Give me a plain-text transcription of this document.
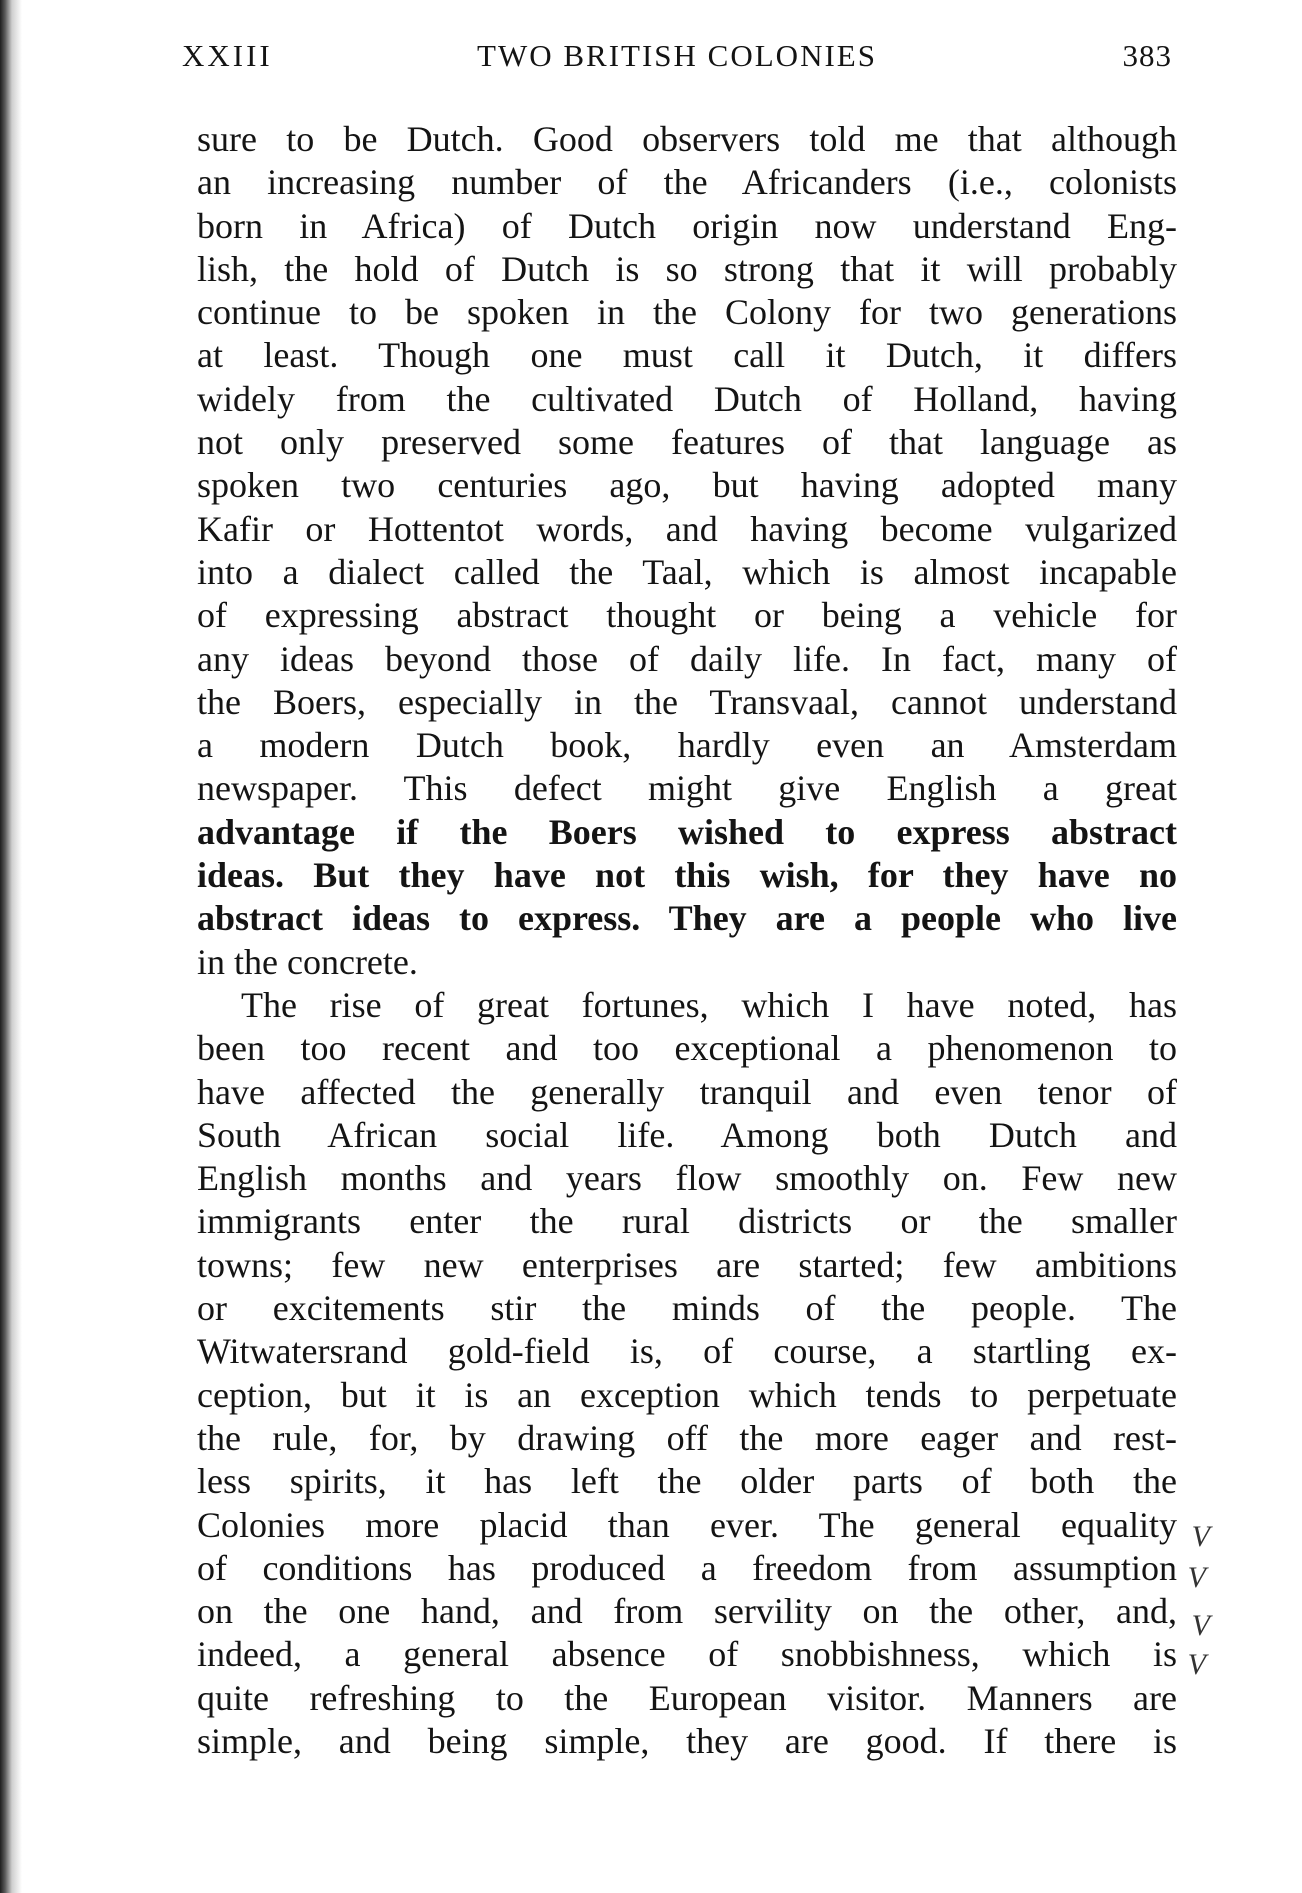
XXIII	TWO BRITISH COLONIES	383
sure to be Dutch. Good observers told me that although
an increasing number of the Africanders (i.e., colonists
born in Africa) of Dutch origin now understand Eng-
lish, the hold of Dutch is so strong that it will probably
continue to be spoken in the Colony for two generations
at least. Though one must call it Dutch, it differs
widely from the cultivated Dutch of Holland, having
not only preserved some features of that language as
spoken two centuries ago, but having adopted many
Kafir or Hottentot words, and having become vulgarized
into a dialect called the Taal, which is almost incapable
of expressing abstract thought or being a vehicle for
any ideas beyond those of daily life. In fact, many of
the Boers, especially in the Transvaal, cannot understand
a modern Dutch book, hardly even an Amsterdam
newspaper. This defect might give English a great
advantage if the Boers wished to express abstract
ideas. But they have not this wish, for they have no
abstract ideas to express. They are a people who live
in the concrete.
The rise of great fortunes, which I have noted, has
been too recent and too exceptional a phenomenon to
have affected the generally tranquil and even tenor of
South African social life. Among both Dutch and
English months and years flow smoothly on. Few new
immigrants enter the rural districts or the smaller
towns; few new enterprises are started; few ambitions
or excitements stir the minds of the people. The
Witwatersrand gold-field is, of course, a startling ex-
ception, but it is an exception which tends to perpetuate
the rule, for, by drawing off the more eager and rest-
less spirits, it has left the older parts of both the
Colonies more placid than ever. The general equality
of conditions has produced a freedom from assumption
on the one hand, and from servility on the other, and,
indeed, a general absence of snobbishness, which is
quite refreshing to the European visitor. Manners are
simple, and being simple, they are good. If there is
V
V
V
V
